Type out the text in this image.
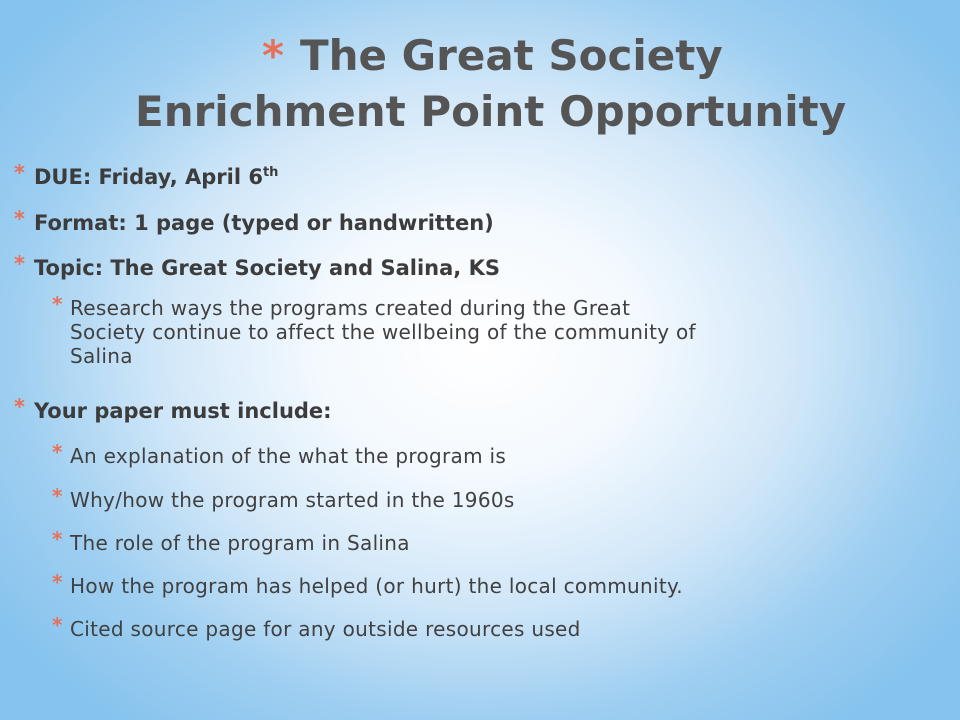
* The Great Society
Enrichment Point Opportunity
* DUE: Friday, April 6th
* Format: 1 page (typed or handwritten)
* Topic: The Great Society and Salina, KS
* Research ways the programs created during the Great
Society continue to affect the wellbeing of the community of
Salina
* Your paper must include:
* An explanation of the what the program is
* Why/how the program started in the 1960s
* The role of the program in Salina
* How the program has helped (or hurt) the local community.
* Cited source page for any outside resources used
